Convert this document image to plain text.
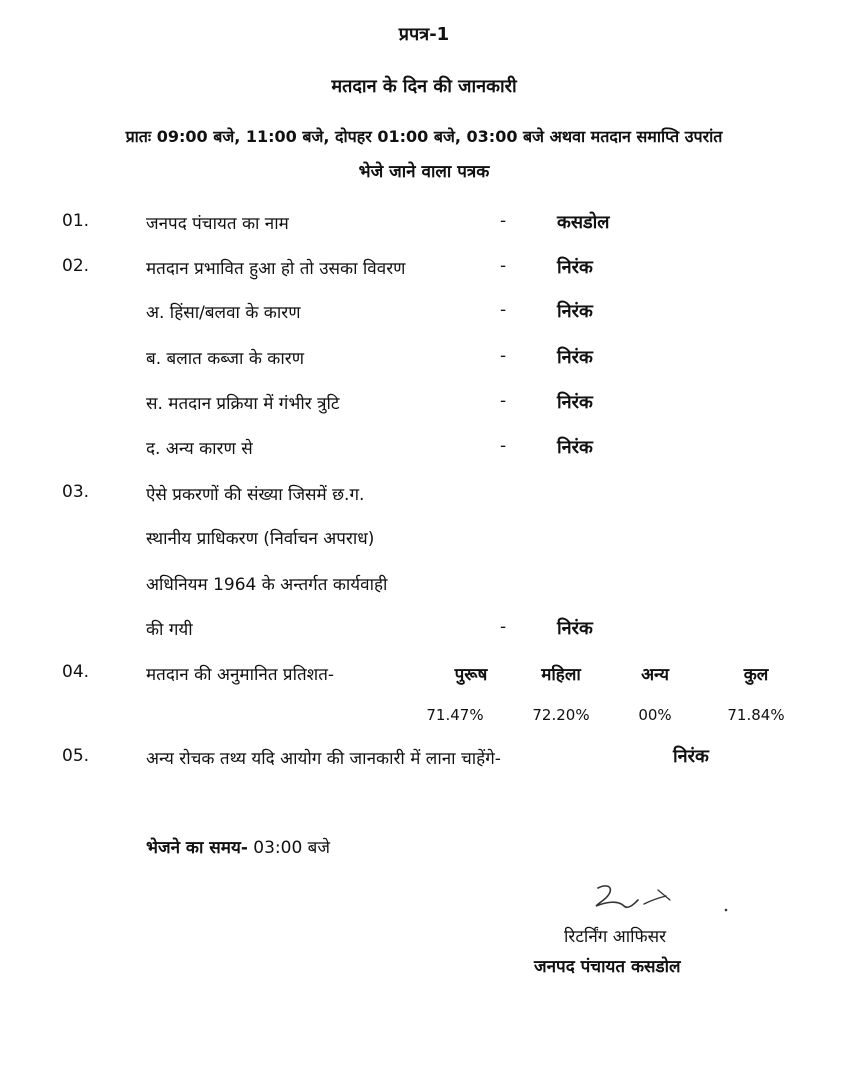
प्रपत्र-1
मतदान के दिन की जानकारी
प्रातः 09:00 बजे, 11:00 बजे, दोपहर 01:00 बजे, 03:00 बजे अथवा मतदान समाप्ति उपरांत
भेजे जाने वाला पत्रक
01.	जनपद पंचायत का नाम	-	कसडोल
02.	मतदान प्रभावित हुआ हो तो उसका विवरण	-	निरंक
अ. हिंसा/बलवा के कारण	-	निरंक
ब. बलात कब्जा के कारण	-	निरंक
स. मतदान प्रक्रिया में गंभीर त्रुटि	-	निरंक
द. अन्य कारण से	-	निरंक
03.	ऐसे प्रकरणों की संख्या जिसमें छ.ग.
स्थानीय प्राधिकरण (निर्वाचन अपराध)
अधिनियम 1964 के अन्तर्गत कार्यवाही
की गयी	-	निरंक
04.	मतदान की अनुमानित प्रतिशत-	पुरूष	महिला	अन्य	कुल
71.47%	72.20%	00%	71.84%
05.	अन्य रोचक तथ्य यदि आयोग की जानकारी में लाना चाहेंगे-	निरंक
भेजने का समय- 03:00 बजे
रिटर्निंग आफिसर
जनपद पंचायत कसडोल
